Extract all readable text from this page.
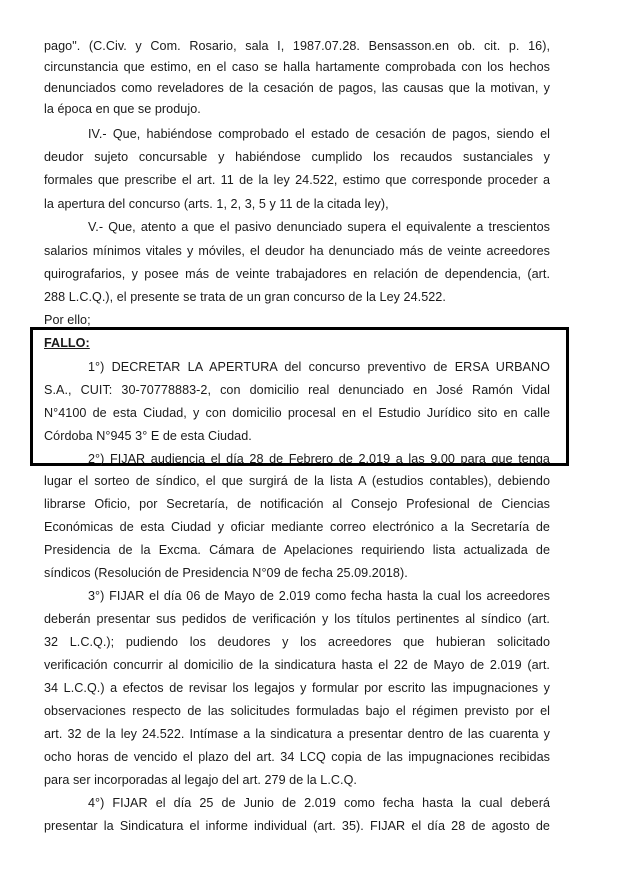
pago". (C.Civ. y Com. Rosario, sala I, 1987.07.28. Bensasson.en ob. cit. p. 16),
circunstancia que estimo, en el caso se halla hartamente comprobada con los hechos
denunciados como reveladores de la cesación de pagos, las causas que la motivan, y
la época en que se produjo.
IV.- Que, habiéndose comprobado el estado de cesación de pagos, siendo el
deudor sujeto concursable y habiéndose cumplido los recaudos sustanciales y
formales que prescribe el art. 11 de la ley 24.522, estimo que corresponde proceder a
la apertura del concurso (arts. 1, 2, 3, 5 y 11 de la citada ley),
V.- Que, atento a que el pasivo denunciado supera el equivalente a trescientos
salarios mínimos vitales y móviles, el deudor ha denunciado más de veinte acreedores
quirografarios, y posee más de veinte trabajadores en relación de dependencia, (art.
288 L.C.Q.), el presente se trata de un gran concurso de la Ley 24.522.
Por ello;
FALLO:
1°) DECRETAR LA APERTURA del concurso preventivo de ERSA URBANO
S.A., CUIT: 30-70778883-2, con domicilio real denunciado en José Ramón Vidal
N°4100 de esta Ciudad, y con domicilio procesal en el Estudio Jurídico sito en calle
Córdoba N°945 3° E de esta Ciudad.
2°) FIJAR audiencia el día 28 de Febrero de 2.019 a las 9.00 para que tenga
lugar el sorteo de síndico, el que surgirá de la lista A (estudios contables), debiendo
librarse Oficio, por Secretaría, de notificación al Consejo Profesional de Ciencias
Económicas de esta Ciudad y oficiar mediante correo electrónico a la Secretaría de
Presidencia de la Excma. Cámara de Apelaciones requiriendo lista actualizada de
síndicos (Resolución de Presidencia N°09 de fecha 25.09.2018).
3°) FIJAR el día 06 de Mayo de 2.019 como fecha hasta la cual los acreedores
deberán presentar sus pedidos de verificación y los títulos pertinentes al síndico (art.
32 L.C.Q.); pudiendo los deudores y los acreedores que hubieran solicitado
verificación concurrir al domicilio de la sindicatura hasta el 22 de Mayo de 2.019 (art.
34 L.C.Q.) a efectos de revisar los legajos y formular por escrito las impugnaciones y
observaciones respecto de las solicitudes formuladas bajo el régimen previsto por el
art. 32 de la ley 24.522. Intímase a la sindicatura a presentar dentro de las cuarenta y
ocho horas de vencido el plazo del art. 34 LCQ copia de las impugnaciones recibidas
para ser incorporadas al legajo del art. 279 de la L.C.Q.
4°) FIJAR el día 25 de Junio de 2.019 como fecha hasta la cual deberá
presentar la Sindicatura el informe individual (art. 35). FIJAR el día 28 de agosto de
